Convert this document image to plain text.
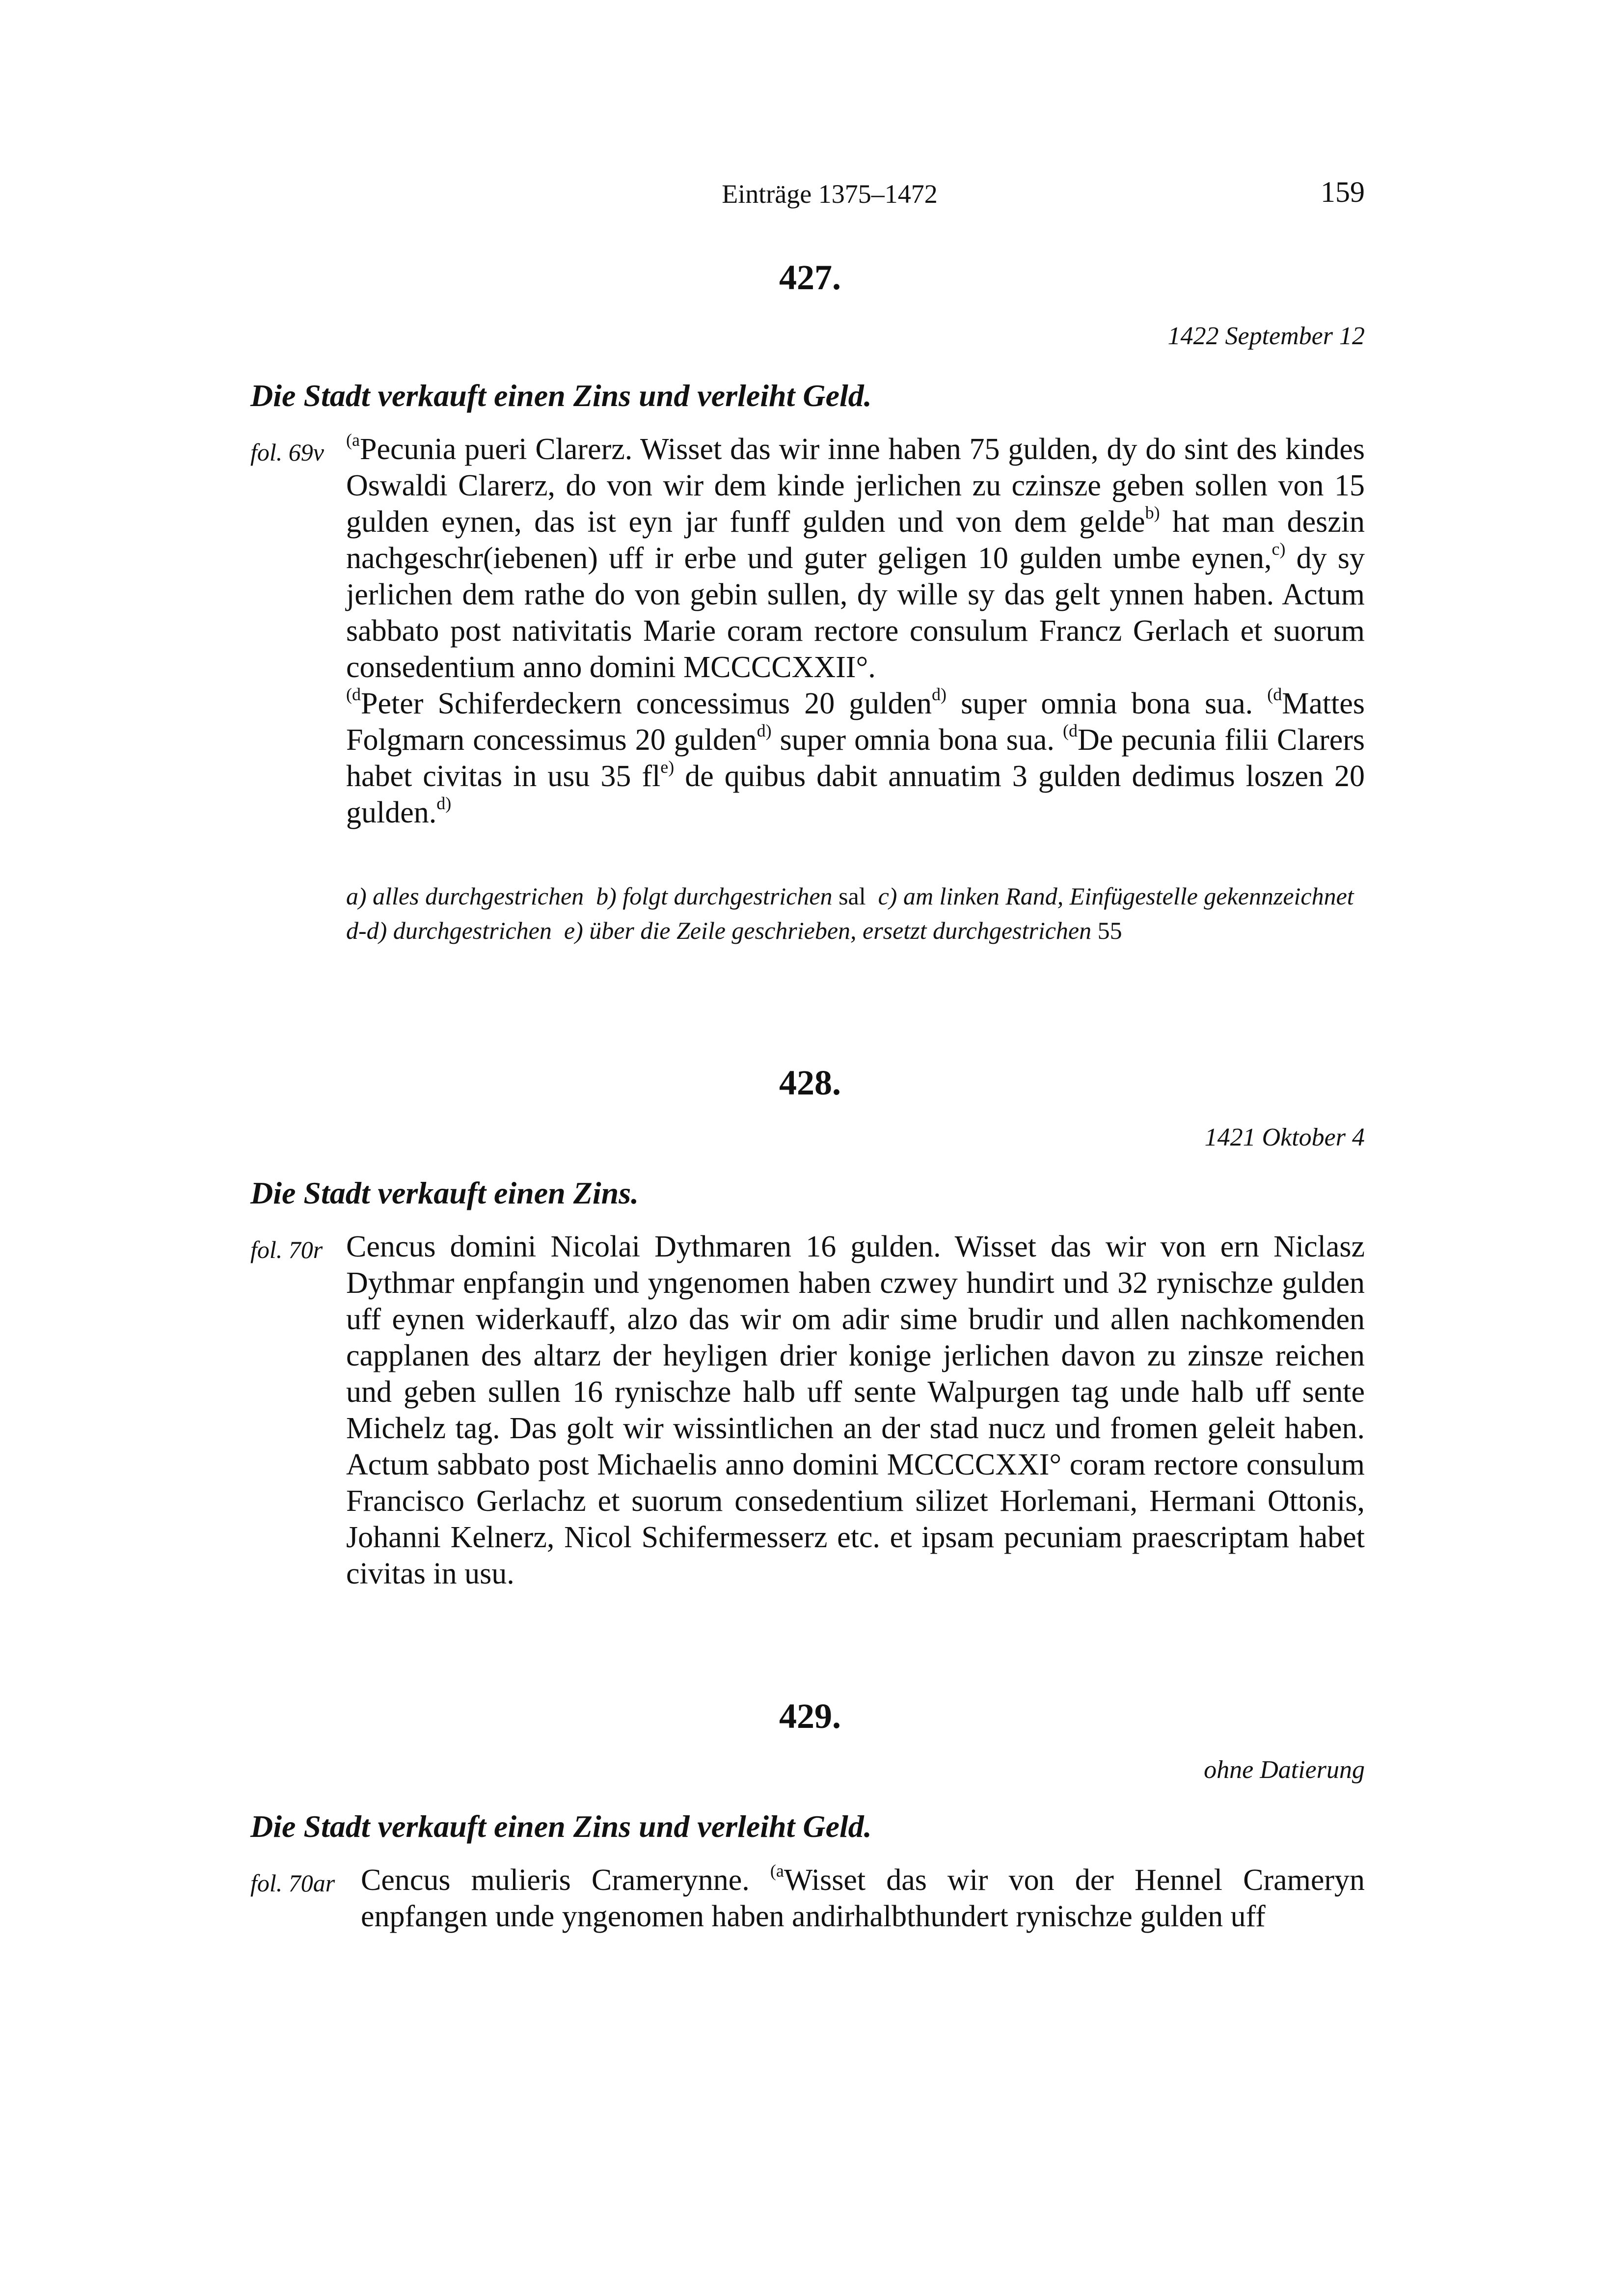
Einträge 1375–1472	159
427.
1422 September 12
Die Stadt verkauft einen Zins und verleiht Geld.
fol. 69v	$^{(a}$Pecunia pueri Clarerz. Wisset das wir inne haben 75 gulden, dy do sint des kindes Oswaldi Clarerz, do von wir dem kinde jerlichen zu czinsze geben sollen von 15 gulden eynen, das ist eyn jar funff gulden und von dem gelde$^{b)}$ hat man deszin nachgeschr(iebenen) uff ir erbe und guter geligen 10 gulden umbe eynen,$^{c)}$ dy sy jerlichen dem rathe do von gebin sullen, dy wille sy das gelt ynnen haben. Actum sabbato post nativitatis Marie coram rectore consulum Francz Gerlach et suorum consedentium anno domini MCCCCXXII°.

$^{(d}$Peter Schiferdeckern concessimus 20 gulden$^{d)}$ super omnia bona sua. $^{(d}$Mattes Folgmarn concessimus 20 gulden$^{d)}$ super omnia bona sua. $^{(d}$De pecunia filii Clarers habet civitas in usu 35 $fl^{e)}$ de quibus dabit annuatim 3 gulden dedimus loszen 20 gulden.$^{d)}$

a) alles durchgestrichen b) folgt durchgestrichen sal c) am linken Rand, Einfügestelle gekennzeichnet  d-d) durchgestrichen e) über die Zeile geschrieben, ersetzt durchgestrichen 55
428.
1421 Oktober 4
Die Stadt verkauft einen Zins.
fol. 70r Cencus domini Nicolai Dythmaren 16 gulden. Wisset das wir von ern Niclasz Dythmar enpfangin und yngenomen haben czwey hundirt und 32 rynischze gulden uff eynen widerkauff, alzo das wir om adir sime brudir und allen nachkomenden capplanen des altarz der heyligen drier konige jerlichen davon zu zinsze reichen und geben sullen 16 rynischze halb uff sente Walpurgen tag unde halb uff sente Michelz tag. Das golt wir wissintlichen an der stad nucz und fromen geleit haben. Actum sabbato post Michaelis anno domini MCCCCXXI° coram rectore consulum Francisco Gerlachz et suorum consedentium silizet Horlemani, Hermani Ottonis, Johanni Kelnerz, Nicol Schifermesserz etc. et ipsam pecuniam praescriptam habet civitas in usu.

429.
ohne Datierung
Die Stadt verkauft einen Zins und verleiht Geld.
fol. 70ar Cencus mulieris Cramerynne. $^{(a}$Wisset das wir von der Hennel Crameryn enpfangen unde yngenomen haben andirhalbthundert rynischze gulden uff
